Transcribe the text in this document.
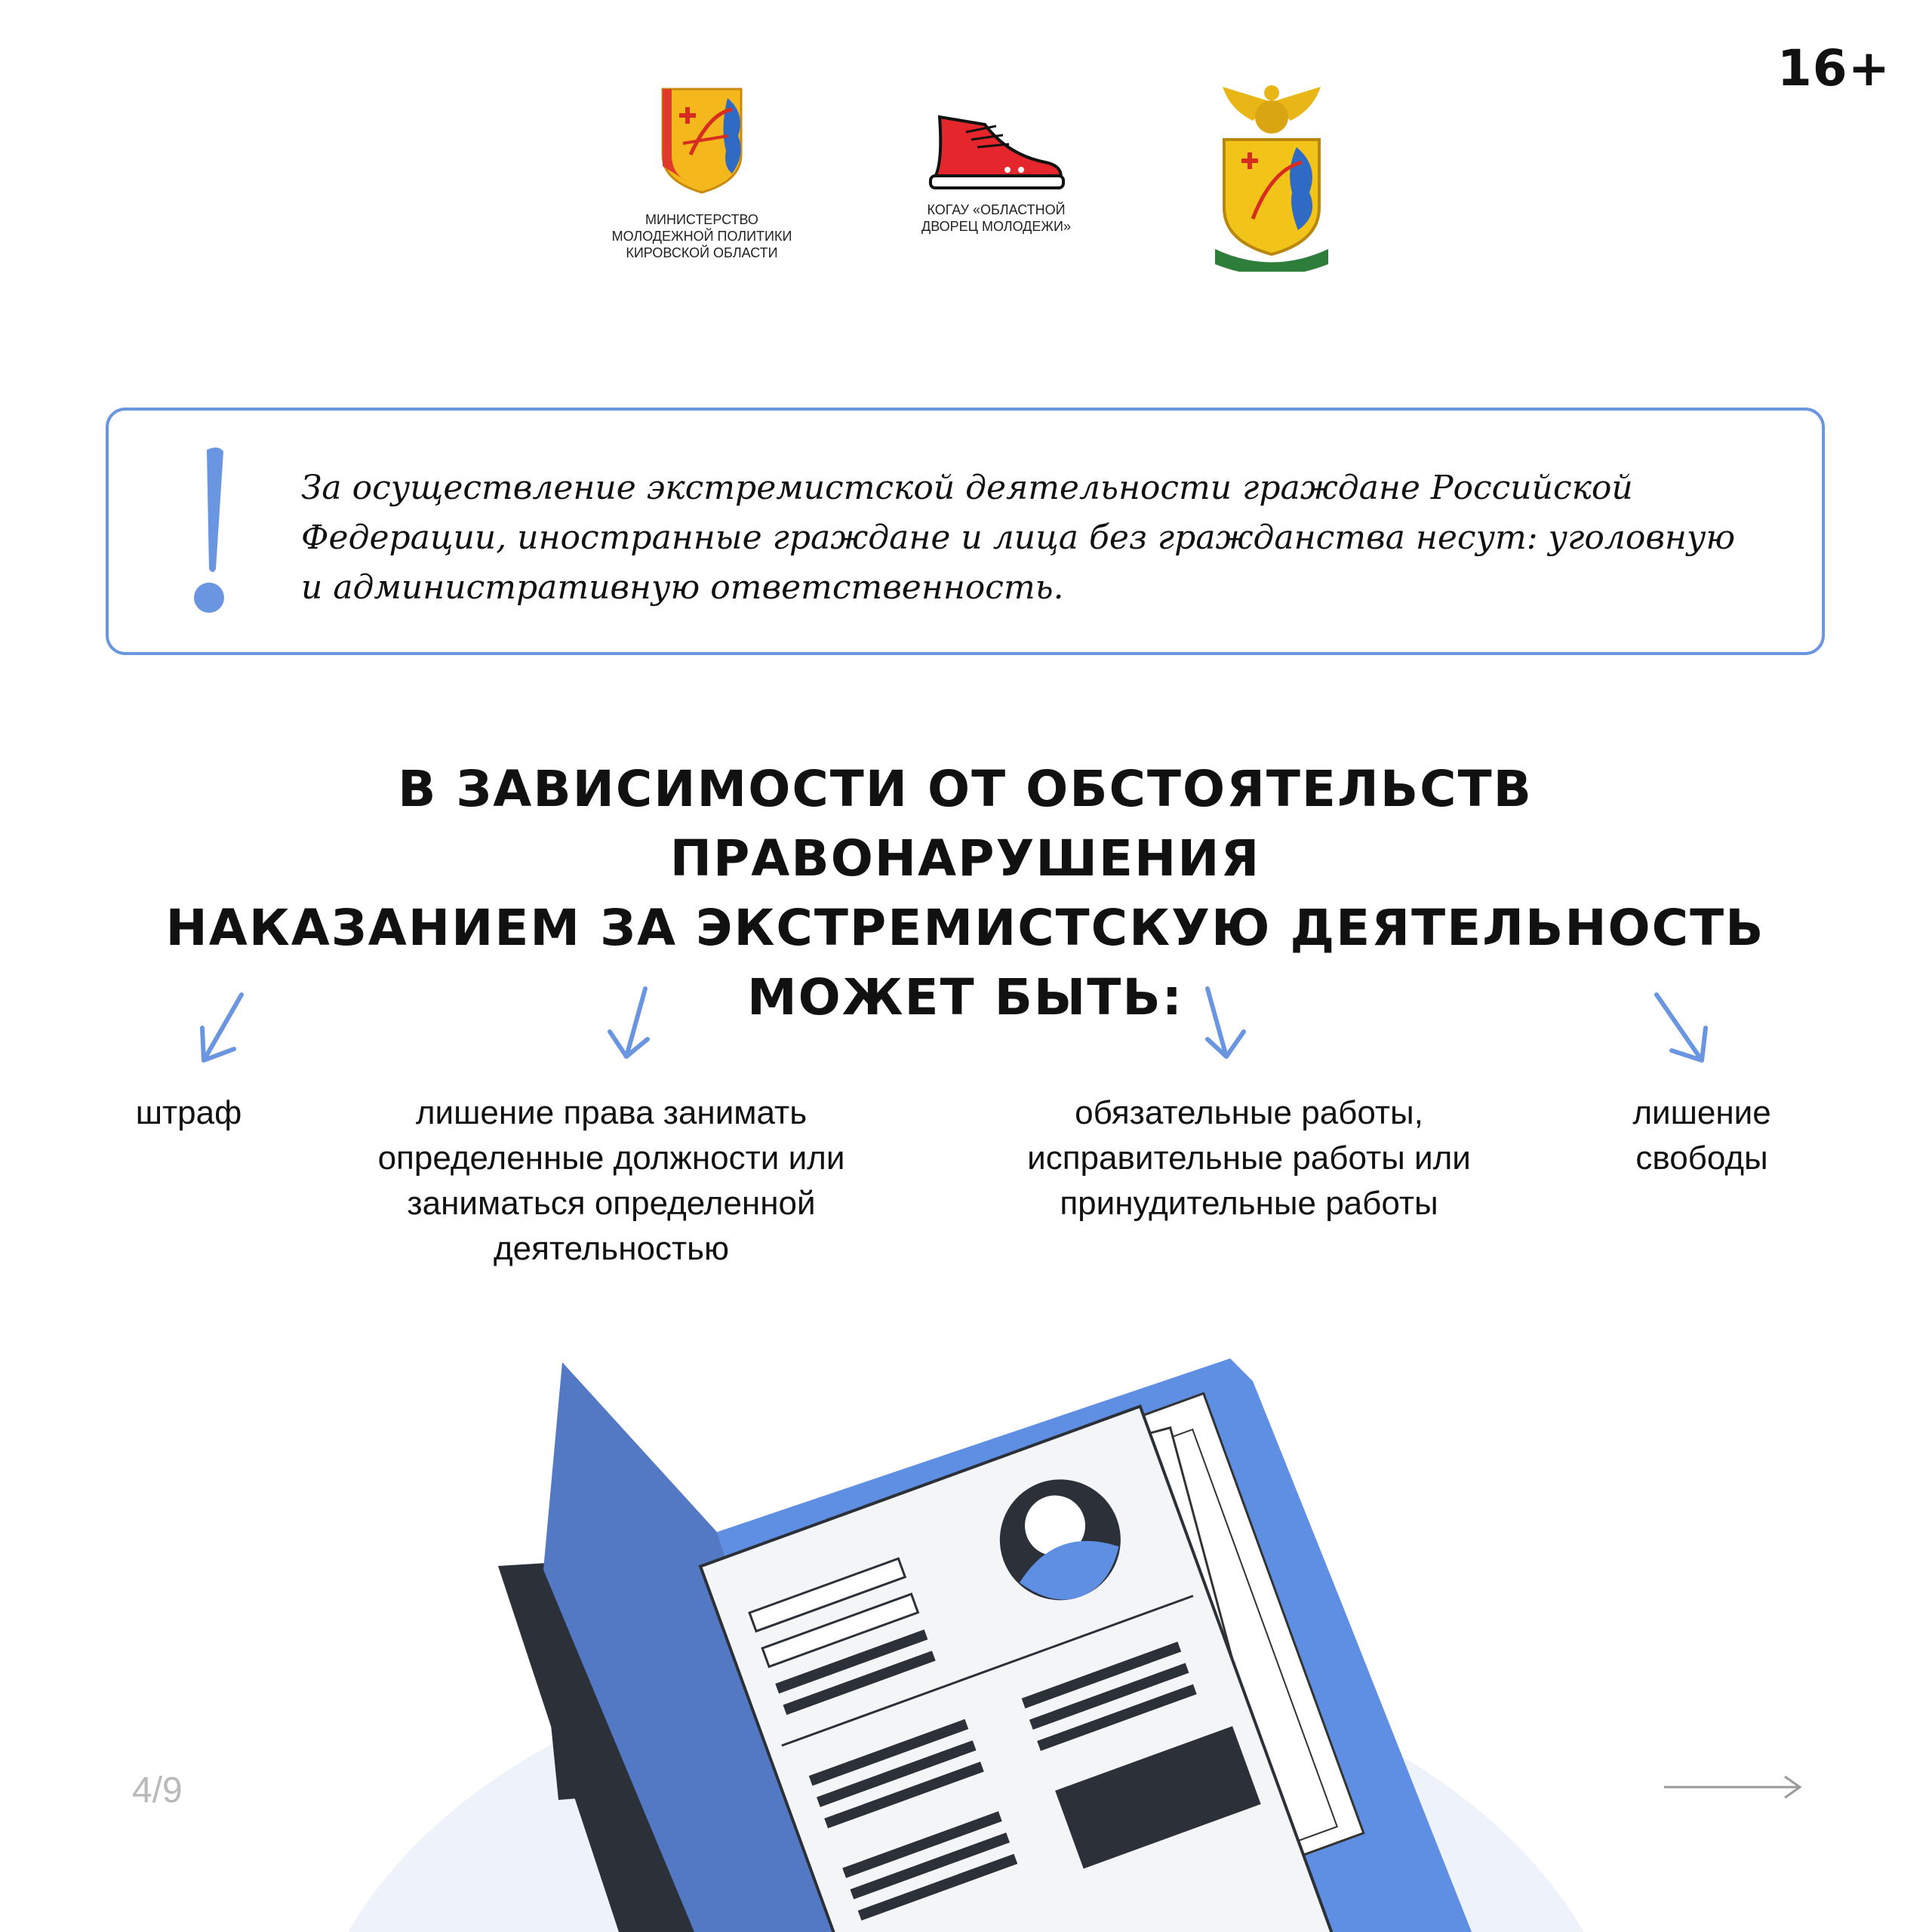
16+
МИНИСТЕРСТВО
МОЛОДЕЖНОЙ ПОЛИТИКИ
КИРОВСКОЙ ОБЛАСТИ
КОГАУ «ОБЛАСТНОЙ
ДВОРЕЦ МОЛОДЕЖИ»
За осуществление экстремистской деятельности граждане Российской Федерации, иностранные граждане и лица без гражданства несут: уголовную и административную ответственность.
В ЗАВИСИМОСТИ ОТ ОБСТОЯТЕЛЬСТВ ПРАВОНАРУШЕНИЯ
НАКАЗАНИЕМ ЗА ЭКСТРЕМИСТСКУЮ ДЕЯТЕЛЬНОСТЬ
МОЖЕТ БЫТЬ:
штраф	лишение права занимать определенные должности или заниматься определенной деятельностью
обязательные работы, исправительные работы или принудительные работы
лишение свободы
4/9
